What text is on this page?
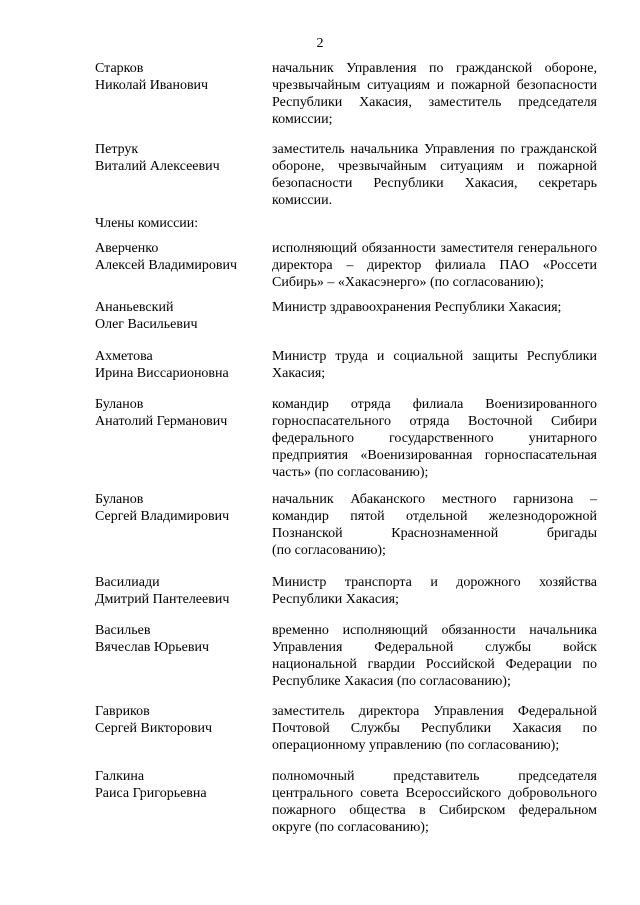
2
Члены комиссии:
Старков
Николай Иванович
начальник Управления по гражданской обороне,
чрезвычайным ситуациям и пожарной безопасности
Республики Хакасия, заместитель председателя
комиссии;
Петрук
Виталий Алексеевич
заместитель начальника Управления по гражданской
обороне, чрезвычайным ситуациям и пожарной
безопасности Республики Хакасия, секретарь
комиссии.
Аверченко
Алексей Владимирович
исполняющий обязанности заместителя генерального
директора – директор филиала ПАО «Россети
Сибирь» – «Хакасэнерго» (по согласованию);
Ананьевский
Олег Васильевич
Министр здравоохранения Республики Хакасия;
Ахметова
Ирина Виссарионовна
Министр труда и социальной защиты Республики
Хакасия;
Буланов
Анатолий Германович
командир отряда филиала Военизированного
горноспасательного отряда Восточной Сибири
федерального государственного унитарного
предприятия «Военизированная горноспасательная
часть» (по согласованию);
Буланов
Сергей Владимирович
начальник Абаканского местного гарнизона –
командир пятой отдельной железнодорожной
Познанской Краснознаменной бригады
(по согласованию);
Василиади
Дмитрий Пантелеевич
Министр транспорта и дорожного хозяйства
Республики Хакасия;
Васильев
Вячеслав Юрьевич
временно исполняющий обязанности начальника
Управления Федеральной службы войск
национальной гвардии Российской Федерации по
Республике Хакасия (по согласованию);
Гавриков
Сергей Викторович
заместитель директора Управления Федеральной
Почтовой Службы Республики Хакасия по
операционному управлению (по согласованию);
Галкина
Раиса Григорьевна
полномочный представитель председателя
центрального совета Всероссийского добровольного
пожарного общества в Сибирском федеральном
округе (по согласованию);
